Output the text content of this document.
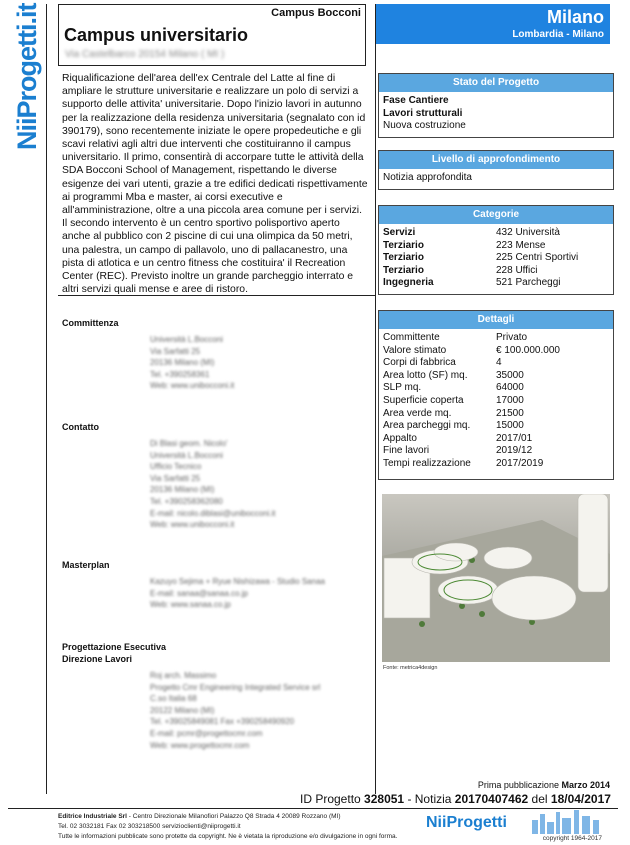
NiiProgetti.it	Campus Bocconi
Campus universitario
Via Castelbarco 20154 Milano ( MI )
Milano
Lombardia - Milano
Riqualificazione dell'area dell'ex Centrale del Latte al fine di ampliare le strutture universitarie e realizzare un polo di servizi a supporto delle attivita' universitarie. Dopo l'inizio lavori in autunno per la realizzazione della residenza universitaria (segnalato con id 390179), sono recentemente iniziate le opere propedeutiche e gli scavi relativi agli altri due interventi che costituiranno il campus universitario. Il primo, consentirà di accorpare tutte le attività della SDA Bocconi School of Management, rispettando le diverse esigenze dei vari utenti, grazie a tre edifici dedicati rispettivamente ai programmi Mba e master, ai corsi executive e all'amministrazione, oltre a una piccola area comune per i servizi. Il secondo intervento è un centro sportivo polisportivo aperto anche al pubblico con 2 piscine di cui una olimpica da 50 metri, una palestra, un campo di pallavolo, uno di pallacanestro, una pista di atlotica e un centro fitness che costituira' il Recreation Center (REC). Previsto inoltre un grande parcheggio interrato e altri servizi quali mense e aree di ristoro.
Stato del Progetto
Fase Cantiere
Lavori strutturali
Nuova costruzione
Livello di approfondimento
Notizia approfondita
Categorie
Servizi	432 Università
Terziario	223 Mense
Terziario	225 Centri Sportivi
Terziario	228 Uffici
Ingegneria	521 Parcheggi
Dettagli
Committente	Privato
Valore stimato	€ 100.000.000
Corpi di fabbrica	4
Area lotto (SF) mq.	35000
SLP mq.	64000
Superficie coperta	17000
Area verde mq.	21500
Area parcheggi mq.	15000
Appalto	2017/01
Fine lavori	2019/12
Tempi realizzazione	2017/2019
Committenza
Università L.Bocconi
Via Sarfatti 25
20136 Milano (MI)
Tel. +390258361
Web: www.unibocconi.it
Contatto
Di Blasi geom. Nicolo'
Università L.Bocconi
Ufficio Tecnico
Via Sarfatti 25
20136 Milano (MI)
Tel. +390258362080
E-mail: nicolo.diblasi@unibocconi.it
Web: www.unibocconi.it
Masterplan
Kazuyo Sejima + Ryue Nishizawa - Studio Sanaa
E-mail: sanaa@sanaa.co.jp
Web: www.sanaa.co.jp
Progettazione Esecutiva
Direzione Lavori
Roj arch. Massimo
Progetto Cmr Engineering Integrated Service srl
C.so Italia 68
20122 Milano (MI)
Tel. +39025849081 Fax +390258490920
E-mail: pcmr@progettocmr.com
Web: www.progettocmr.com
Fonte: metrica4design
Prima pubblicazione Marzo 2014
ID Progetto 328051 - Notizia 20170407462 del 18/04/2017
Editrice Industriale Srl - Centro Direzionale Milanofiori Palazzo Q8 Strada 4 20089 Rozzano (MI)
Tel. 02 3032181 Fax 02 303218500 servizioclienti@niiprogetti.it
Tutte le informazioni pubblicate sono protette da copyright. Ne è vietata la riproduzione e/o divulgazione in ogni forma.
NiiProgetti
copyright 1964-2017
